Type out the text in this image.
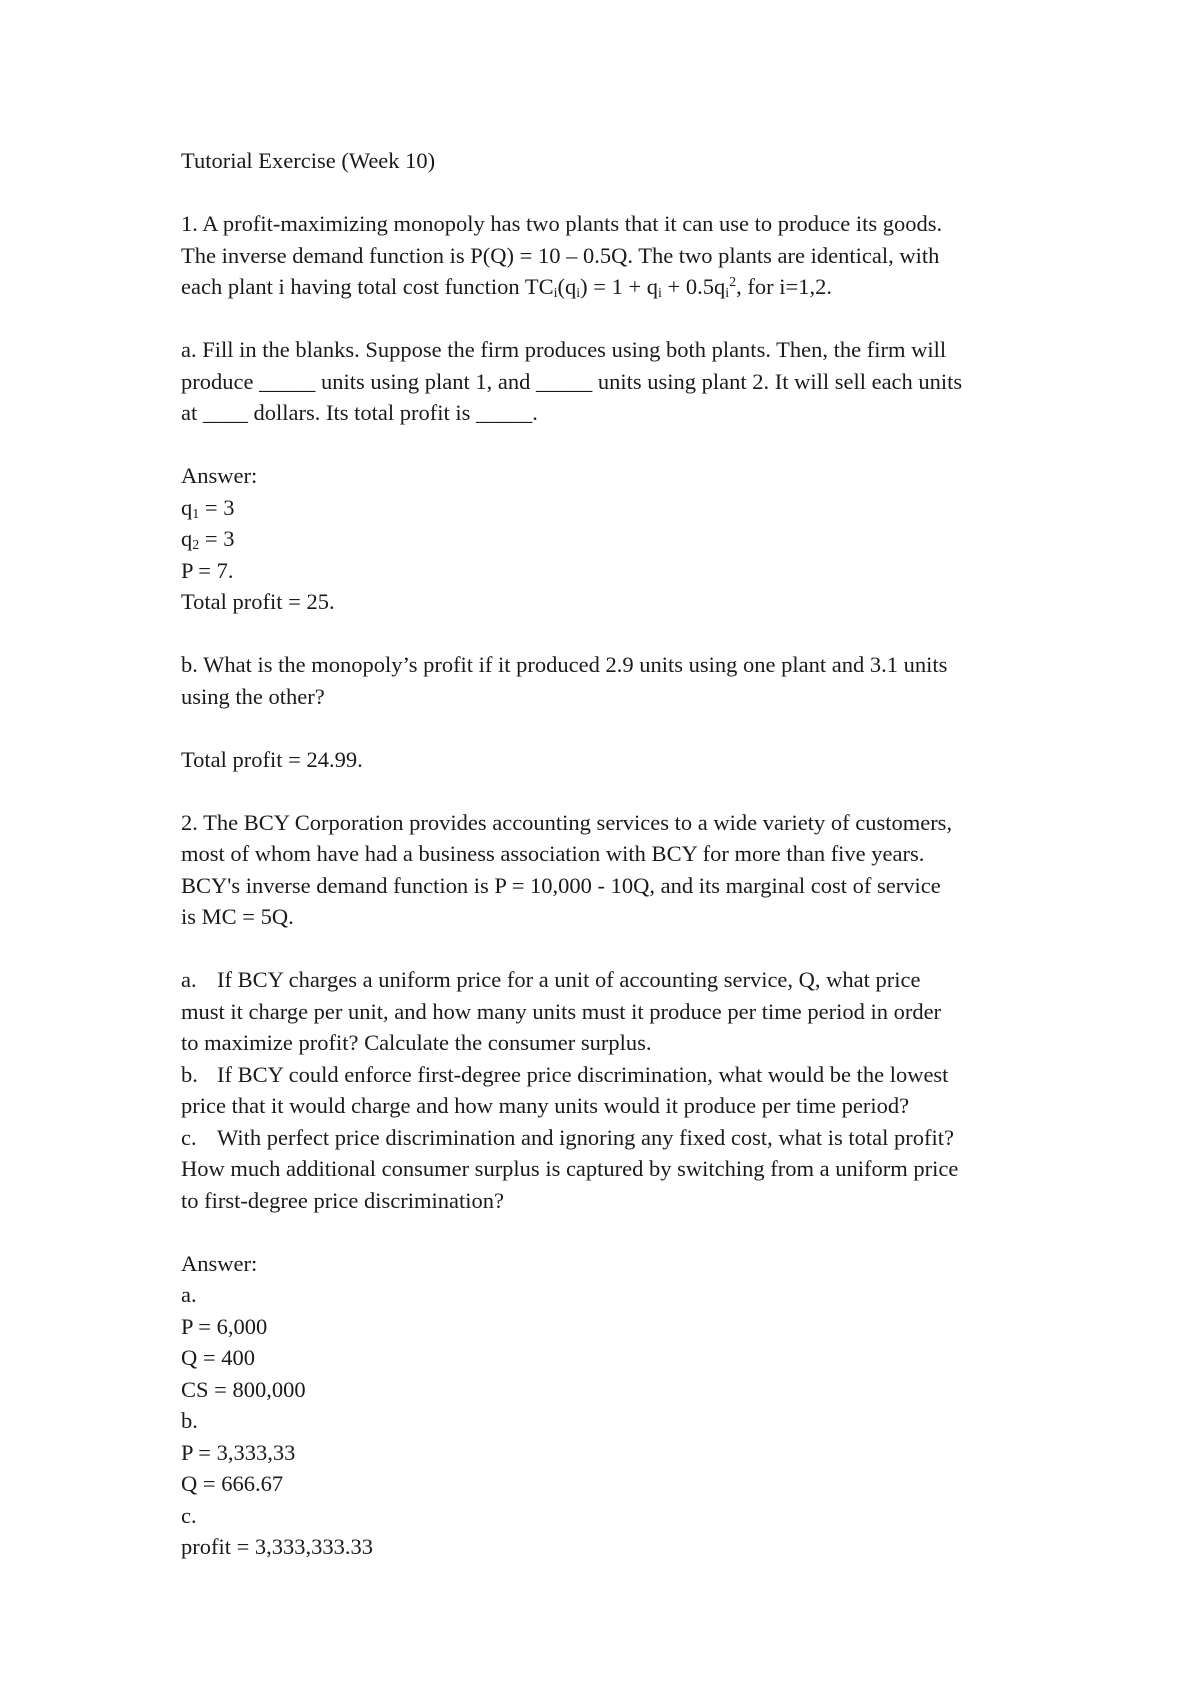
Tutorial Exercise (Week 10)
1. A profit-maximizing monopoly has two plants that it can use to produce its goods.
The inverse demand function is P(Q) = 10 – 0.5Q. The two plants are identical, with
each plant i having total cost function $TC_i(q_i) = 1 + q_i + 0.5q_i^2$, for i=1,2.
a. Fill in the blanks. Suppose the firm produces using both plants. Then, the firm will
produce _____ units using plant 1, and _____ units using plant 2. It will sell each units
at ____ dollars. Its total profit is _____.
Answer:
$q_1 = 3$
$q_2 = 3$
P = 7.
Total profit = 25.
b. What is the monopoly’s profit if it produced 2.9 units using one plant and 3.1 units
using the other?
Total profit = 24.99.
2. The BCY Corporation provides accounting services to a wide variety of customers,
most of whom have had a business association with BCY for more than five years.
BCY's inverse demand function is P = 10,000 - 10Q, and its marginal cost of service
is MC = 5Q.
a. If BCY charges a uniform price for a unit of accounting service, Q, what price
must it charge per unit, and how many units must it produce per time period in order
to maximize profit? Calculate the consumer surplus.
b. If BCY could enforce first-degree price discrimination, what would be the lowest
price that it would charge and how many units would it produce per time period?
c. With perfect price discrimination and ignoring any fixed cost, what is total profit?
How much additional consumer surplus is captured by switching from a uniform price
to first-degree price discrimination?
Answer:
a.
P = 6,000
Q = 400
CS = 800,000
b.
P = 3,333,33
Q = 666.67
c.
profit = 3,333,333.33
